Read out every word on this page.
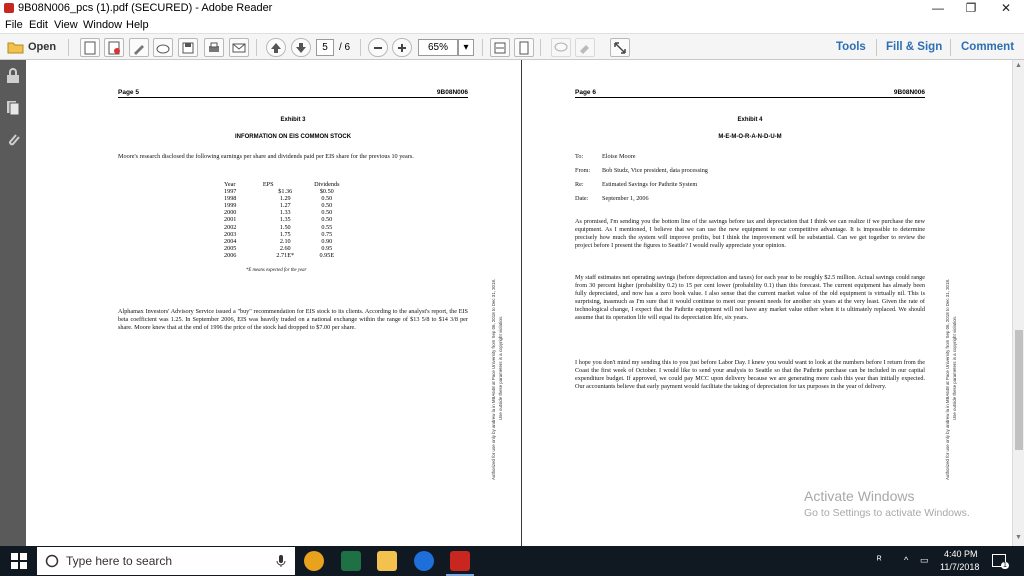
9B08N006_pcs (1).pdf (SECURED) - Adobe Reader	—	❐	✕
File Edit View Window Help
Open	5	/ 6	65%	▾	Tools Fill & Sign Comment
Page 5	9B08N006
Exhibit 3
INFORMATION ON EIS COMMON STOCK
Moore's research disclosed the following earnings per share and dividends paid per EIS share for the previous 10 years.
Year	EPS	Dividends
1997	$1.36	$0.50
1998	1.29	0.50
1999	1.27	0.50
2000	1.33	0.50
2001	1.35	0.50
2002	1.50	0.55
2003	1.75	0.75
2004	2.10	0.90
2005	2.60	0.95
2006	2.71E*	0.95E
*E means expected for the year
Alphamax Investors' Advisory Service issued a "buy" recommendation for EIS stock to its clients. According to the analyst's report, the EIS beta coefficient was 1.25. In September 2006, EIS was heavily traded on a national exchange within the range of $13 5/8 to $14 3/8 per share. Moore knew that at the end of 1996 the price of the stock had dropped to $7.00 per share.	Authorized for use only by andrew la in MBA648 at Pace University from Sep 06, 2018 to Dec 31, 2018. Use outside these parameters is a copyright violation.
Page 6	9B08N006
Exhibit 4
M-E-M-O-R-A-N-D-U-M
As promised, I'm sending you the bottom line of the savings before tax and depreciation that I think we can realize if we purchase the new equipment. As I mentioned, I believe that we can use the new equipment to our competitive advantage. It is impossible to determine precisely how much the system will improve profits, but I think the improvement will be substantial. Can we get together to review the project before I present the figures to Seattle? I would really appreciate your opinion.
My staff estimates net operating savings (before depreciation and taxes) for each year to be roughly $2.5 million. Actual savings could range from 30 percent higher (probability 0.2) to 15 per cent lower (probability 0.1) than this forecast. The current equipment has already been fully depreciated, and now has a zero book value. I also sense that the current market value of the old equipment is virtually nil. This is surprising, inasmuch as I'm sure that it would continue to meet our present needs for another six years at the very least. Given the rate of technological change, I expect that the Pathrite equipment will not have any market value either when it is ultimately replaced. We should assume that its operation life will equal its depreciation life, six years.
I hope you don't mind my sending this to you just before Labor Day. I knew you would want to look at the numbers before I return from the Coast the first week of October. I would like to send your analysis to Seattle so that the Pathrite purchase can be included in our capital expenditure budget. If approved, we could pay MCC upon delivery because we are generating more cash this year than initially expected. Our accountants believe that early payment would facilitate the taking of depreciation for tax purposes in the year of delivery.	Authorized for use only by andrew la in MBA648 at Pace University from Sep 06, 2018 to Dec 31, 2018. Use outside these parameters is a copyright violation.
To:	Eloise Moore
From: Bob Studz, Vice president, data processing
Re:	Estimated Savings for Pathrite System
Date: September 1, 2006
▲
▼
Activate Windows
Go to Settings to activate Windows.
Type here to search	ᴿ ^ ▭
4:40 PM
11/7/2018	1
